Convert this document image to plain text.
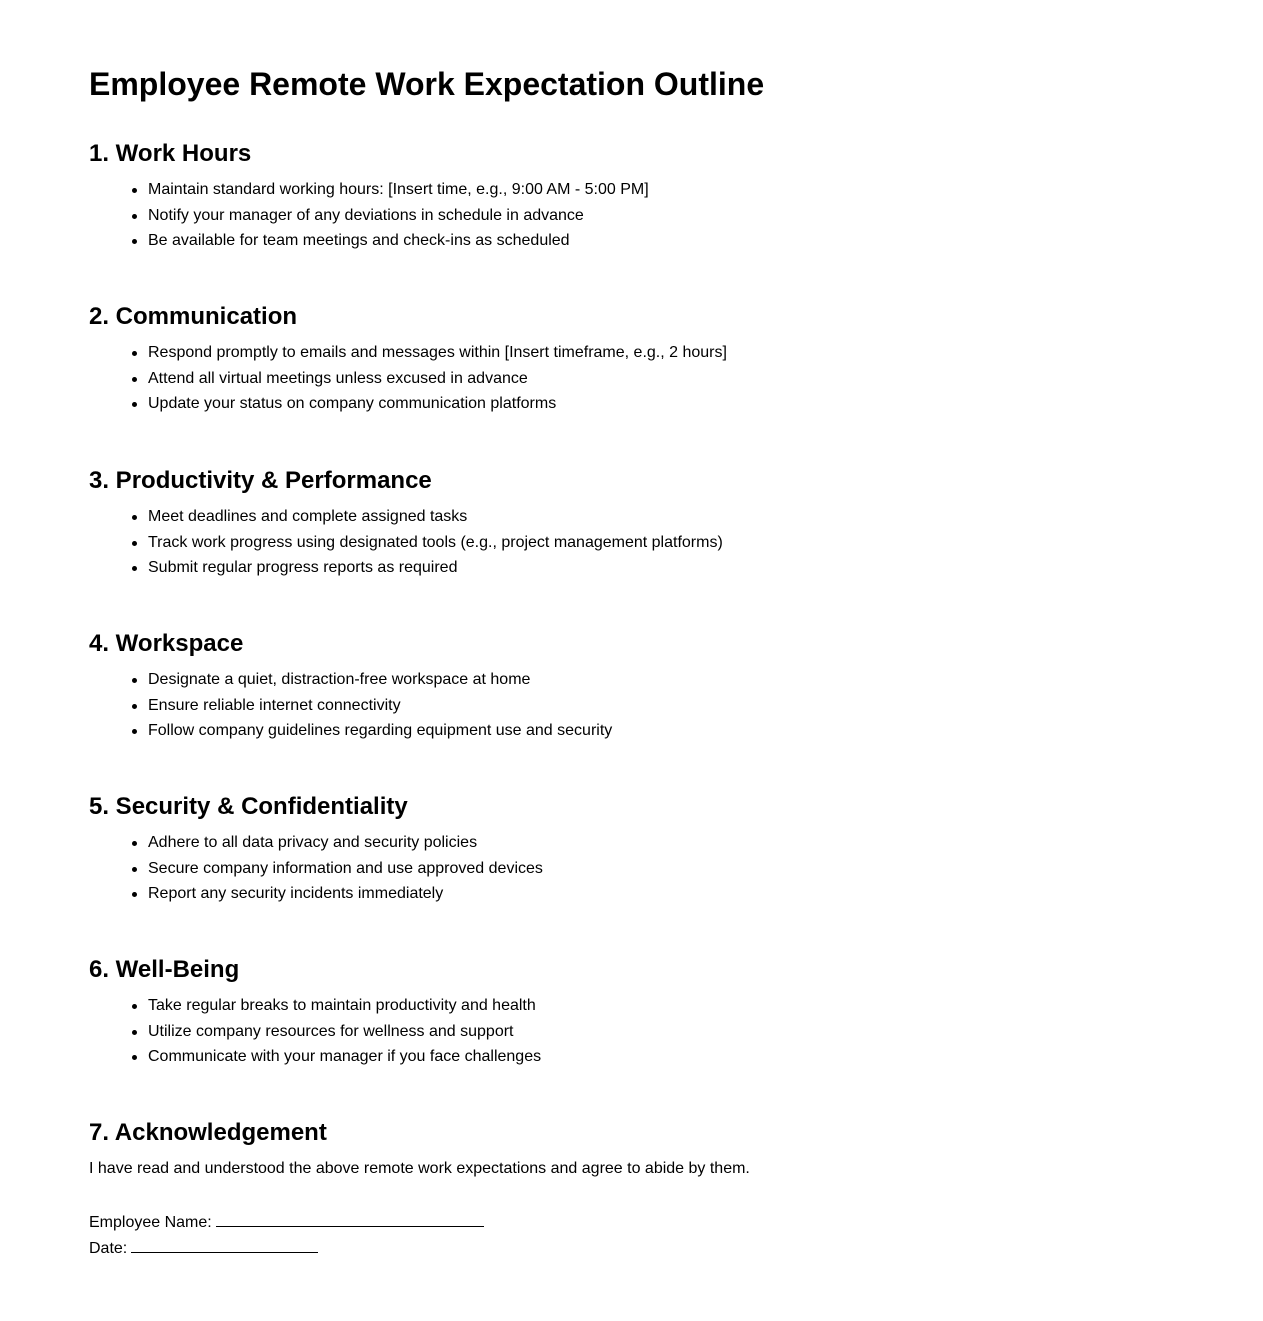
Employee Remote Work Expectation Outline
1. Work Hours
Maintain standard working hours: [Insert time, e.g., 9:00 AM - 5:00 PM]
Notify your manager of any deviations in schedule in advance
Be available for team meetings and check-ins as scheduled
2. Communication
Respond promptly to emails and messages within [Insert timeframe, e.g., 2 hours]
Attend all virtual meetings unless excused in advance
Update your status on company communication platforms
3. Productivity & Performance
Meet deadlines and complete assigned tasks
Track work progress using designated tools (e.g., project management platforms)
Submit regular progress reports as required
4. Workspace
Designate a quiet, distraction-free workspace at home
Ensure reliable internet connectivity
Follow company guidelines regarding equipment use and security
5. Security & Confidentiality
Adhere to all data privacy and security policies
Secure company information and use approved devices
Report any security incidents immediately
6. Well-Being
Take regular breaks to maintain productivity and health
Utilize company resources for wellness and support
Communicate with your manager if you face challenges
7. Acknowledgement
I have read and understood the above remote work expectations and agree to abide by them.
Employee Name:
Date:
